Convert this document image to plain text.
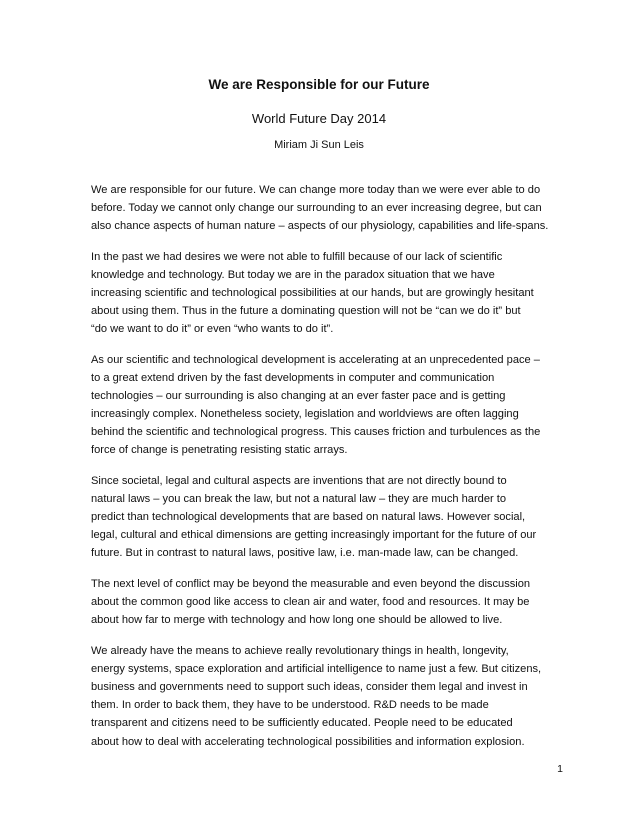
We are Responsible for our Future
World Future Day 2014
Miriam Ji Sun Leis

We are responsible for our future. We can change more today than we were ever able to do
before. Today we cannot only change our surrounding to an ever increasing degree, but can
also chance aspects of human nature – aspects of our physiology, capabilities and life-spans.

In the past we had desires we were not able to fulfill because of our lack of scientific
knowledge and technology. But today we are in the paradox situation that we have
increasing scientific and technological possibilities at our hands, but are growingly hesitant
about using them. Thus in the future a dominating question will not be “can we do it” but
“do we want to do it” or even “who wants to do it”.

As our scientific and technological development is accelerating at an unprecedented pace –
to a great extend driven by the fast developments in computer and communication
technologies – our surrounding is also changing at an ever faster pace and is getting
increasingly complex. Nonetheless society, legislation and worldviews are often lagging
behind the scientific and technological progress. This causes friction and turbulences as the
force of change is penetrating resisting static arrays.

Since societal, legal and cultural aspects are inventions that are not directly bound to
natural laws – you can break the law, but not a natural law – they are much harder to
predict than technological developments that are based on natural laws. However social,
legal, cultural and ethical dimensions are getting increasingly important for the future of our
future. But in contrast to natural laws, positive law, i.e. man-made law, can be changed.

The next level of conflict may be beyond the measurable and even beyond the discussion
about the common good like access to clean air and water, food and resources. It may be
about how far to merge with technology and how long one should be allowed to live.

We already have the means to achieve really revolutionary things in health, longevity,
energy systems, space exploration and artificial intelligence to name just a few. But citizens,
business and governments need to support such ideas, consider them legal and invest in
them. In order to back them, they have to be understood. R&D needs to be made
transparent and citizens need to be sufficiently educated. People need to be educated
about how to deal with accelerating technological possibilities and information explosion.

1
